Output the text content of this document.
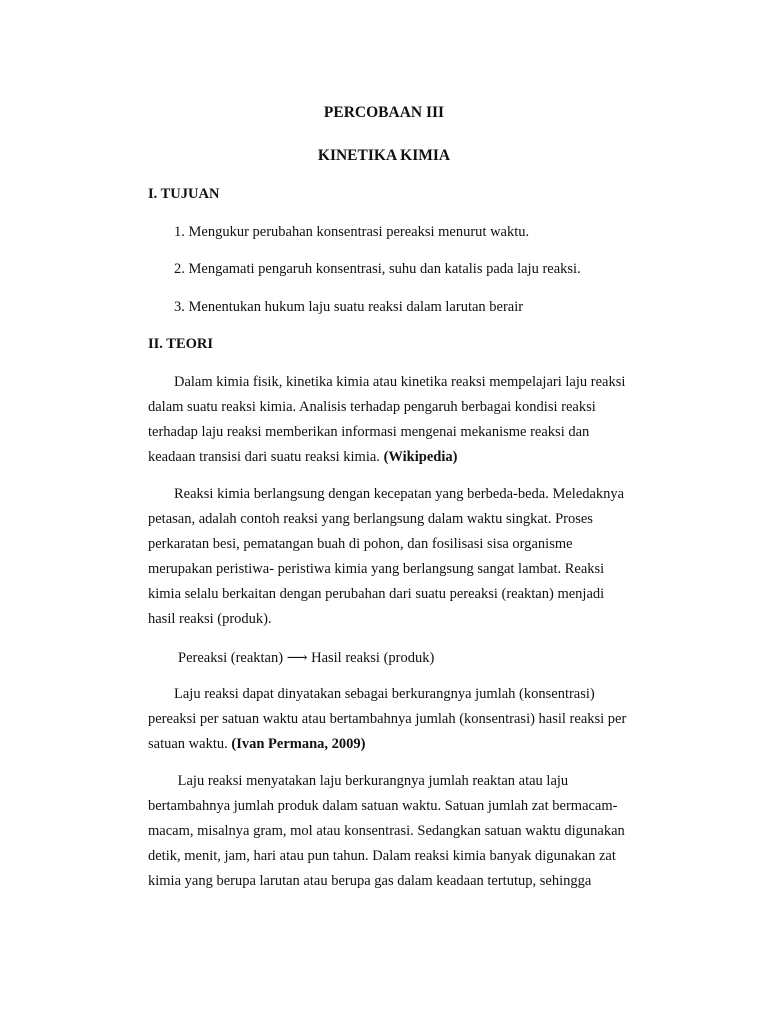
PERCOBAAN III
KINETIKA KIMIA
I. TUJUAN
1. Mengukur perubahan konsentrasi pereaksi menurut waktu.
2. Mengamati pengaruh konsentrasi, suhu dan katalis pada laju reaksi.
3. Menentukan hukum laju suatu reaksi dalam larutan berair
II. TEORI
Dalam kimia fisik, kinetika kimia atau kinetika reaksi mempelajari laju reaksi
dalam suatu reaksi kimia. Analisis terhadap pengaruh berbagai kondisi reaksi
terhadap laju reaksi memberikan informasi mengenai mekanisme reaksi dan
keadaan transisi dari suatu reaksi kimia. (Wikipedia)
Reaksi kimia berlangsung dengan kecepatan yang berbeda-beda. Meledaknya
petasan, adalah contoh reaksi yang berlangsung dalam waktu singkat. Proses
perkaratan besi, pematangan buah di pohon, dan fosilisasi sisa organisme
merupakan peristiwa- peristiwa kimia yang berlangsung sangat lambat. Reaksi
kimia selalu berkaitan dengan perubahan dari suatu pereaksi (reaktan) menjadi
hasil reaksi (produk).
Pereaksi (reaktan) ⟶ Hasil reaksi (produk)
Laju reaksi dapat dinyatakan sebagai berkurangnya jumlah (konsentrasi)
pereaksi per satuan waktu atau bertambahnya jumlah (konsentrasi) hasil reaksi per
satuan waktu. (Ivan Permana, 2009)
Laju reaksi menyatakan laju berkurangnya jumlah reaktan atau laju
bertambahnya jumlah produk dalam satuan waktu. Satuan jumlah zat bermacam-
macam, misalnya gram, mol atau konsentrasi. Sedangkan satuan waktu digunakan
detik, menit, jam, hari atau pun tahun. Dalam reaksi kimia banyak digunakan zat
kimia yang berupa larutan atau berupa gas dalam keadaan tertutup, sehingga
